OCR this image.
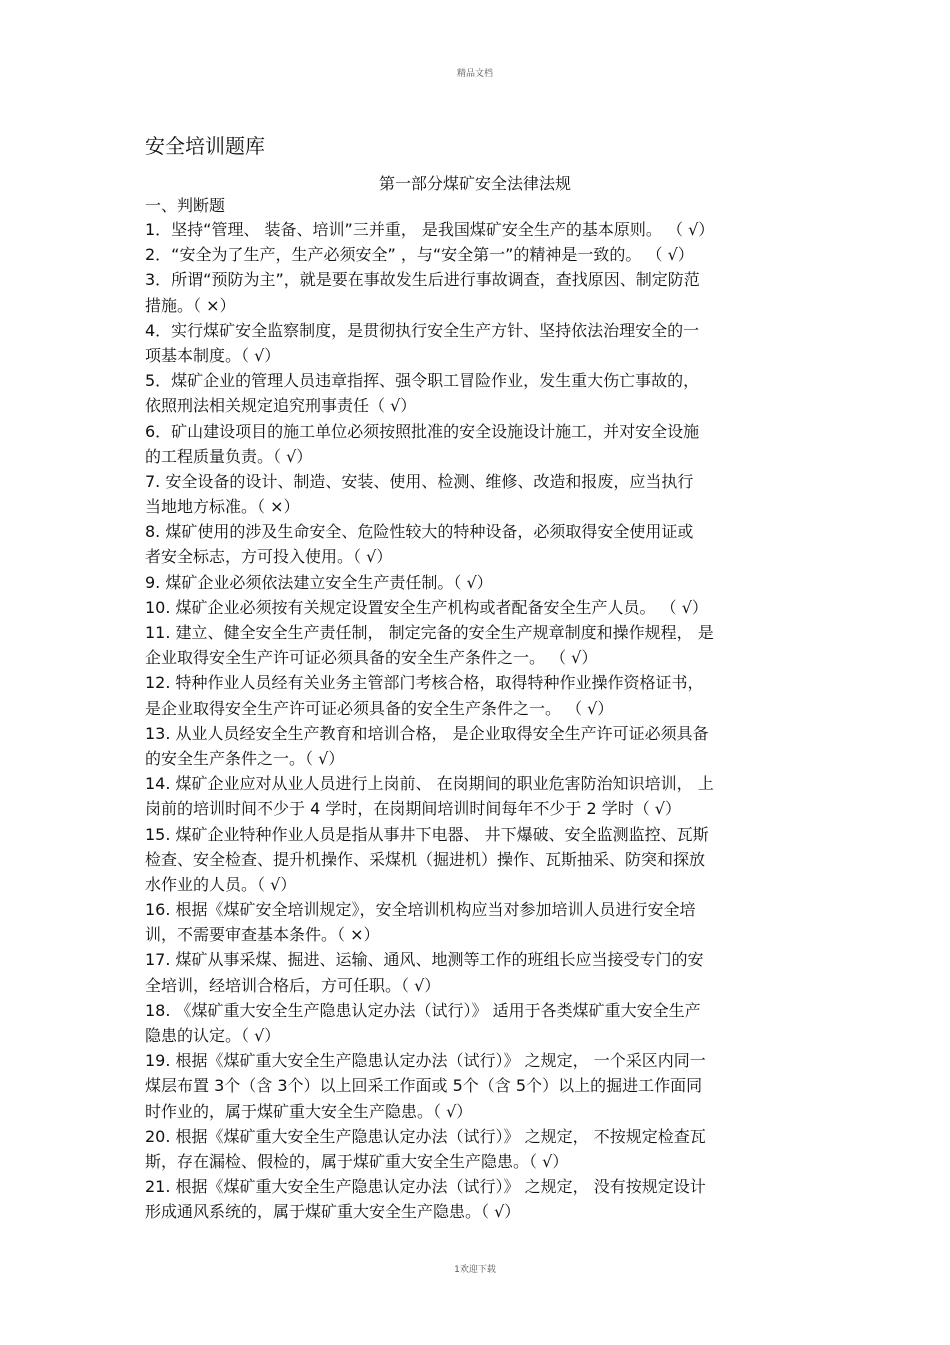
精品文档
安全培训题库
第一部分煤矿安全法律法规
一、判断题
1．坚持“管理、 装备、培训”三并重， 是我国煤矿安全生产的基本原则。 （ √）
2．“安全为了生产，生产必须安全” ，与“安全第一”的精神是一致的。 （ √）
3．所谓“预防为主”，就是要在事故发生后进行事故调查，查找原因、制定防范
措施。（ ×）
4．实行煤矿安全监察制度，是贯彻执行安全生产方针、坚持依法治理安全的一
项基本制度。（ √）
5．煤矿企业的管理人员违章指挥、强令职工冒险作业，发生重大伤亡事故的，
依照刑法相关规定追究刑事责任（ √）
6．矿山建设项目的施工单位必须按照批准的安全设施设计施工，并对安全设施
的工程质量负责。（ √）
7. 安全设备的设计、制造、安装、使用、检测、维修、改造和报废，应当执行
当地地方标准。（ ×）
8. 煤矿使用的涉及生命安全、危险性较大的特种设备，必须取得安全使用证或
者安全标志，方可投入使用。（ √）
9. 煤矿企业必须依法建立安全生产责任制。（ √）
10. 煤矿企业必须按有关规定设置安全生产机构或者配备安全生产人员。 （ √）
11. 建立、健全安全生产责任制， 制定完备的安全生产规章制度和操作规程， 是
企业取得安全生产许可证必须具备的安全生产条件之一。 （ √）
12. 特种作业人员经有关业务主管部门考核合格，取得特种作业操作资格证书，
是企业取得安全生产许可证必须具备的安全生产条件之一。 （ √）
13. 从业人员经安全生产教育和培训合格， 是企业取得安全生产许可证必须具备
的安全生产条件之一。（ √）
14. 煤矿企业应对从业人员进行上岗前、 在岗期间的职业危害防治知识培训， 上
岗前的培训时间不少于 4 学时，在岗期间培训时间每年不少于 2 学时（ √）
15. 煤矿企业特种作业人员是指从事井下电器、 井下爆破、安全监测监控、瓦斯
检查、安全检查、提升机操作、采煤机（掘进机）操作、瓦斯抽采、防突和探放
水作业的人员。（ √）
16. 根据《煤矿安全培训规定》，安全培训机构应当对参加培训人员进行安全培
训，不需要审查基本条件。（ ×）
17. 煤矿从事采煤、掘进、运输、通风、地测等工作的班组长应当接受专门的安
全培训，经培训合格后，方可任职。（ √）
18. 《煤矿重大安全生产隐患认定办法（试行）》 适用于各类煤矿重大安全生产
隐患的认定。（ √）
19. 根据《煤矿重大安全生产隐患认定办法（试行）》 之规定， 一个采区内同一
煤层布置 3个（含 3个）以上回采工作面或 5个（含 5个）以上的掘进工作面同
时作业的，属于煤矿重大安全生产隐患。（ √）
20. 根据《煤矿重大安全生产隐患认定办法（试行）》 之规定， 不按规定检查瓦
斯，存在漏检、假检的，属于煤矿重大安全生产隐患。（ √）
21. 根据《煤矿重大安全生产隐患认定办法（试行）》 之规定， 没有按规定设计
形成通风系统的，属于煤矿重大安全生产隐患。（ √）
1欢迎下载
